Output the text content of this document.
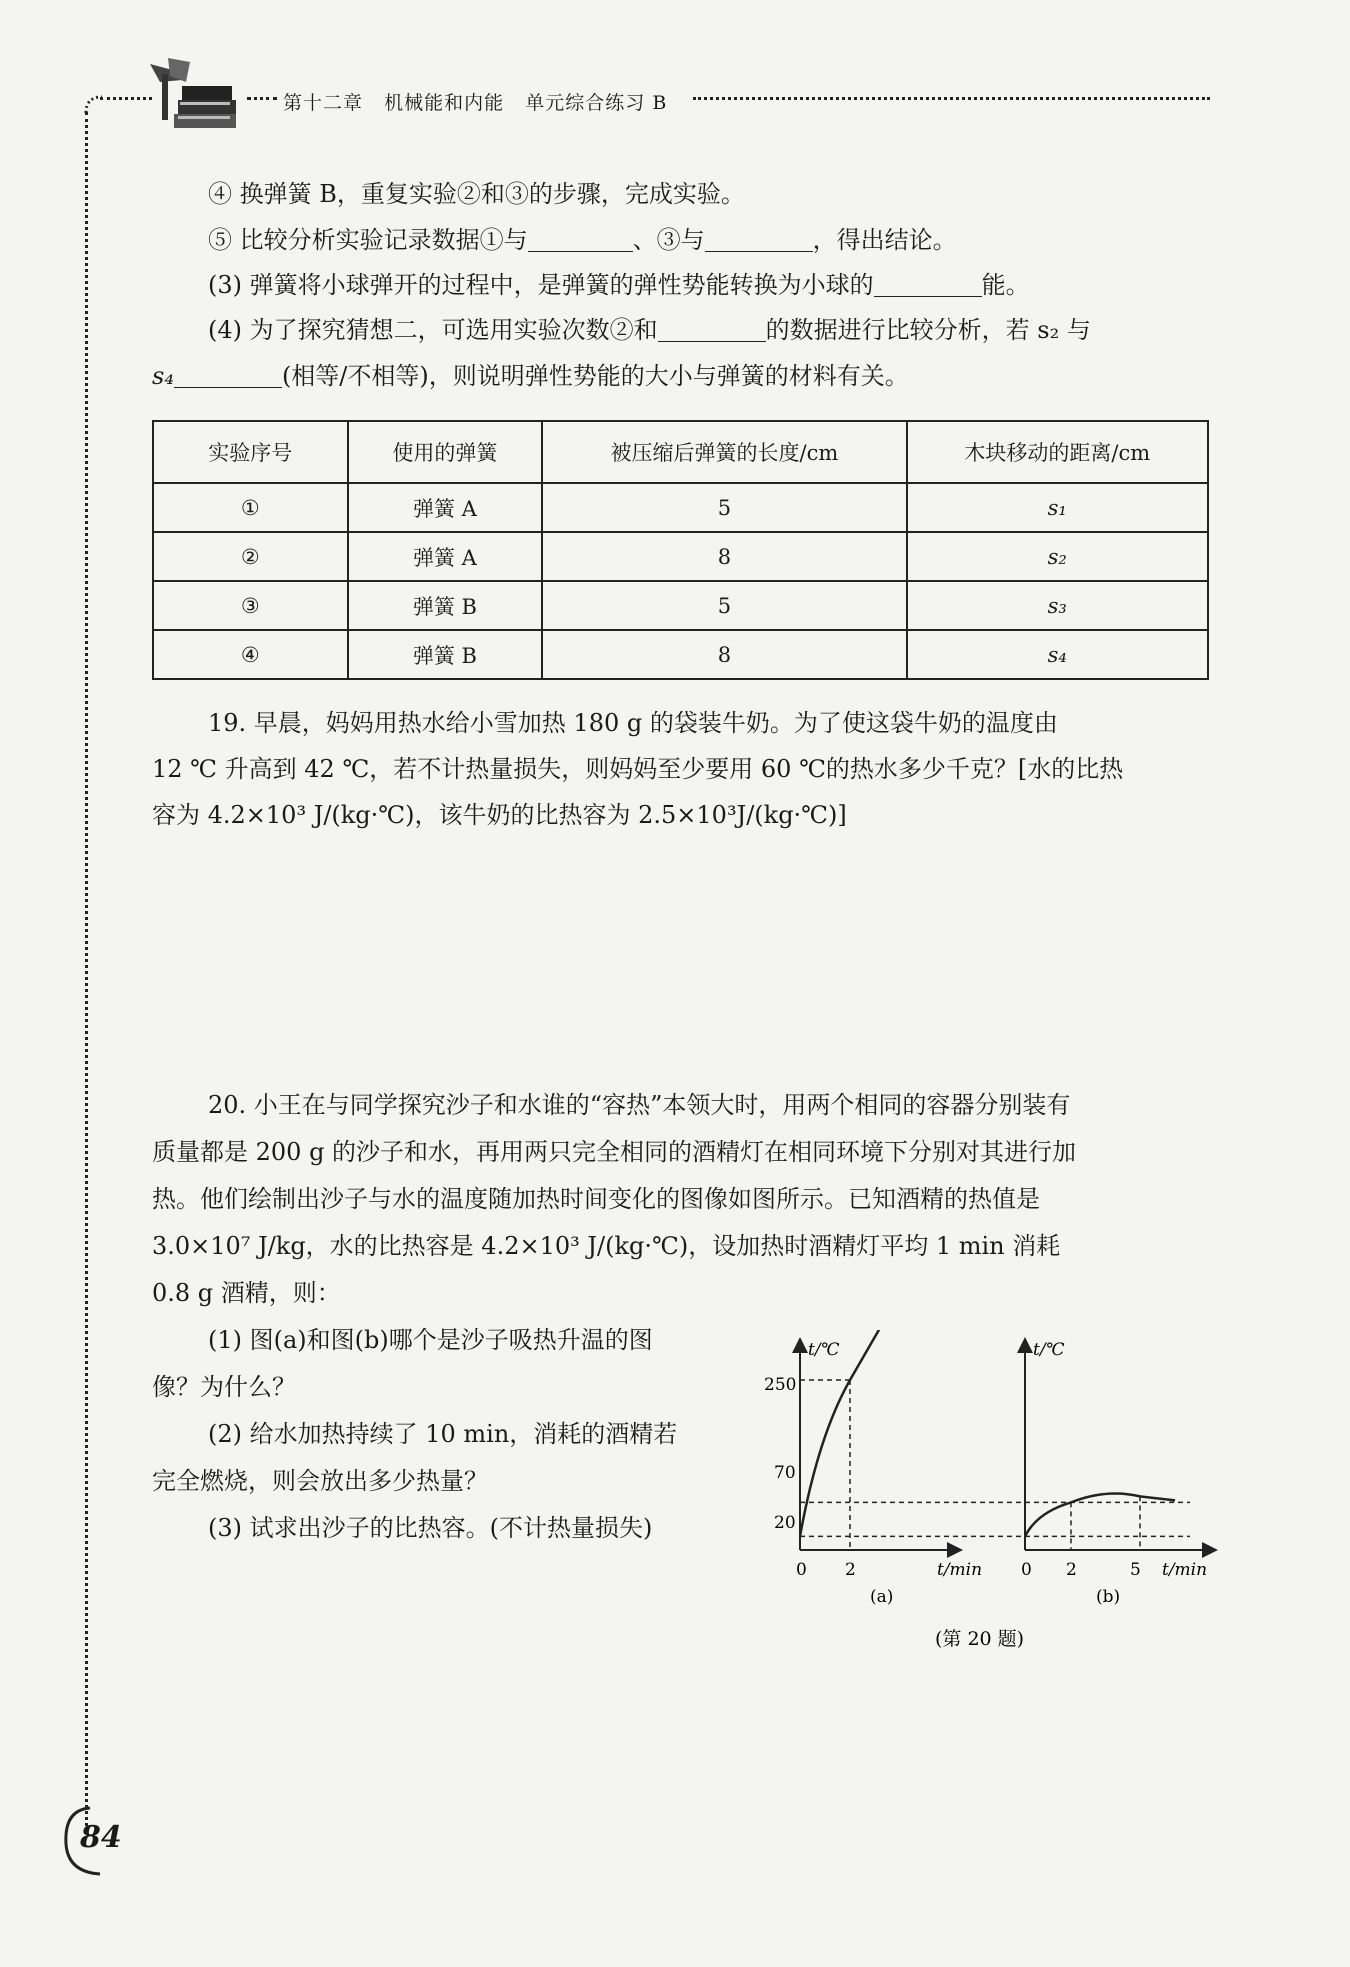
第十二章 机械能和内能 单元综合练习 B
④ 换弹簧 B，重复实验②和③的步骤，完成实验。
⑤ 比较分析实验记录数据①与	、③与	，得出结论。
(3) 弹簧将小球弹开的过程中，是弹簧的弹性势能转换为小球的	能。
(4) 为了探究猜想二，可选用实验次数②和	的数据进行比较分析，若 s₂ 与
s₄	(相等/不相等)，则说明弹性势能的大小与弹簧的材料有关。
实验序号	使用的弹簧	被压缩后弹簧的长度/cm	木块移动的距离/cm
①	弹簧 A	5	s₁
②	弹簧 A	8	s₂
③	弹簧 B	5	s₃
④	弹簧 B	8	s₄
19. 早晨，妈妈用热水给小雪加热 180 g 的袋装牛奶。为了使这袋牛奶的温度由
12 ℃ 升高到 42 ℃，若不计热量损失，则妈妈至少要用 60 ℃的热水多少千克？[水的比热
容为 4.2×10³ J/(kg·℃)，该牛奶的比热容为 2.5×10³J/(kg·℃)]
20. 小王在与同学探究沙子和水谁的“容热”本领大时，用两个相同的容器分别装有
质量都是 200 g 的沙子和水，再用两只完全相同的酒精灯在相同环境下分别对其进行加
热。他们绘制出沙子与水的温度随加热时间变化的图像如图所示。已知酒精的热值是
3.0×10⁷ J/kg，水的比热容是 4.2×10³ J/(kg·℃)，设加热时酒精灯平均 1 min 消耗
0.8 g 酒精，则：
(1) 图(a)和图(b)哪个是沙子吸热升温的图
像？为什么？
(2) 给水加热持续了 10 min，消耗的酒精若
完全燃烧，则会放出多少热量？
(3) 试求出沙子的比热容。(不计热量损失)
t/℃
t/min
250
70
20
0 2
(a)
t/℃
t/min
0 2	5
(b)
(第 20 题)
84
